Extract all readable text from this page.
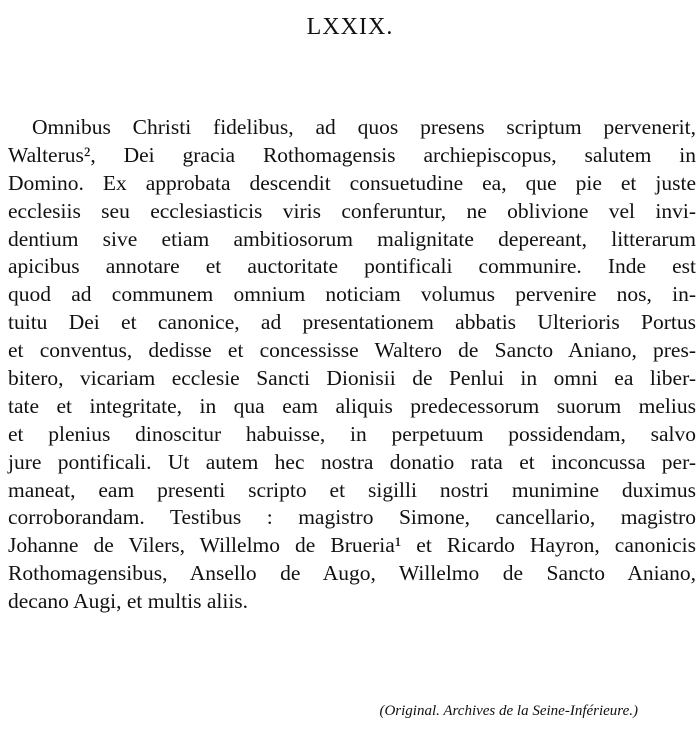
LXXIX.
Omnibus Christi fidelibus, ad quos presens scriptum pervenerit,
Walterus², Dei gracia Rothomagensis archiepiscopus, salutem in
Domino. Ex approbata descendit consuetudine ea, que pie et juste
ecclesiis seu ecclesiasticis viris conferuntur, ne oblivione vel invi-
dentium sive etiam ambitiosorum malignitate depereant, litterarum
apicibus annotare et auctoritate pontificali communire. Inde est
quod ad communem omnium noticiam volumus pervenire nos, in-
tuitu Dei et canonice, ad presentationem abbatis Ulterioris Portus
et conventus, dedisse et concessisse Waltero de Sancto Aniano, pres-
bitero, vicariam ecclesie Sancti Dionisii de Penlui in omni ea liber-
tate et integritate, in qua eam aliquis predecessorum suorum melius
et plenius dinoscitur habuisse, in perpetuum possidendam, salvo
jure pontificali. Ut autem hec nostra donatio rata et inconcussa per-
maneat, eam presenti scripto et sigilli nostri munimine duximus
corroborandam. Testibus : magistro Simone, cancellario, magistro
Johanne de Vilers, Willelmo de Brueria¹ et Ricardo Hayron, canonicis
Rothomagensibus, Ansello de Augo, Willelmo de Sancto Aniano,
decano Augi, et multis aliis.
(Original. Archives de la Seine-Inférieure.)
